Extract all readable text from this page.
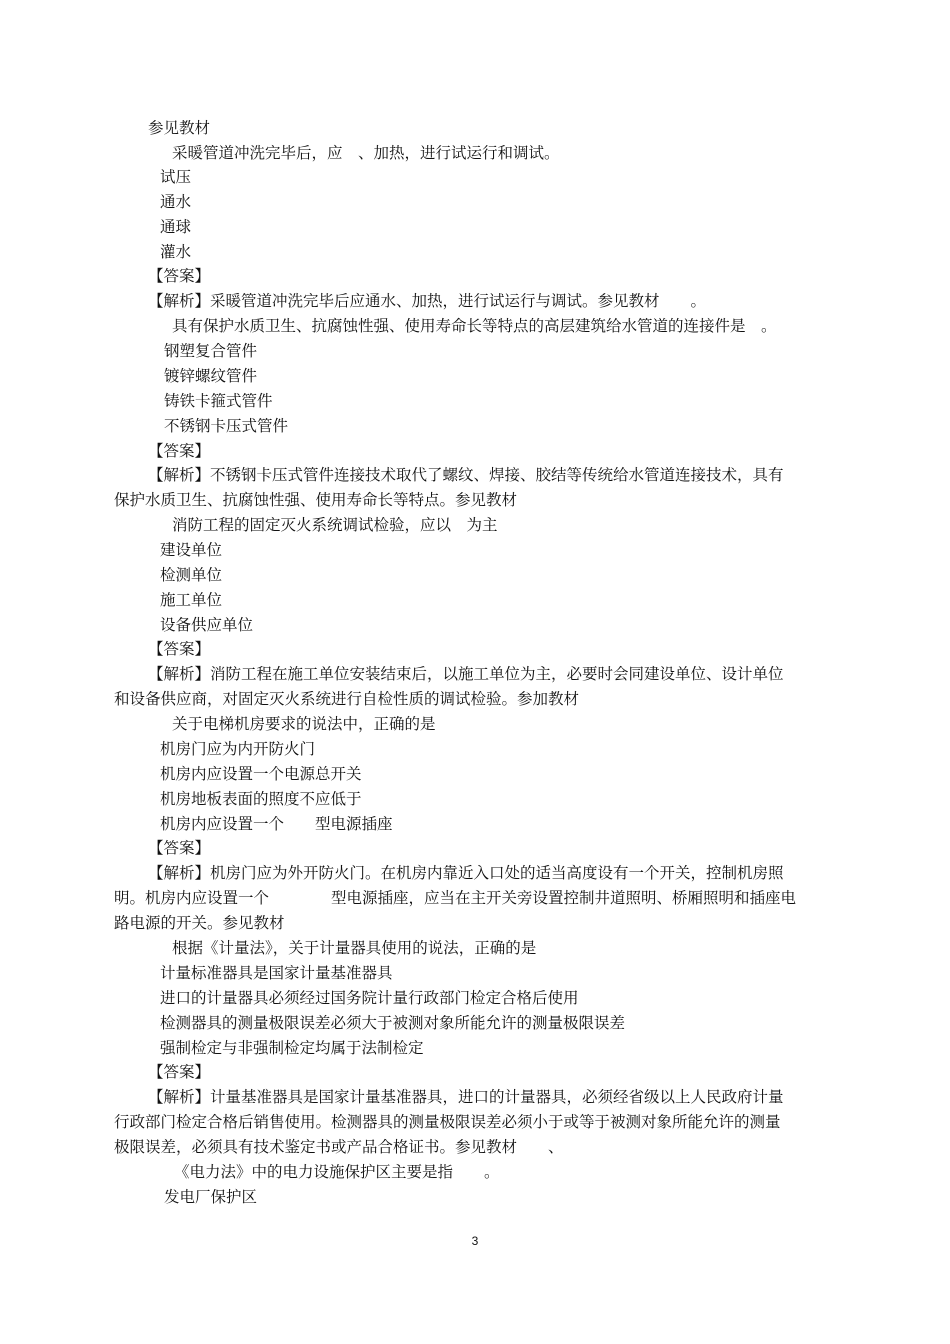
参见教材
采暖管道冲洗完毕后，应　、加热，进行试运行和调试。
试压
通水
通球
灌水
【答案】
【解析】采暖管道冲洗完毕后应通水、加热，进行试运行与调试。参见教材　　。
具有保护水质卫生、抗腐蚀性强、使用寿命长等特点的高层建筑给水管道的连接件是　。
钢塑复合管件
镀锌螺纹管件
铸铁卡箍式管件
不锈钢卡压式管件
【答案】
【解析】不锈钢卡压式管件连接技术取代了螺纹、焊接、胶结等传统给水管道连接技术，具有
保护水质卫生、抗腐蚀性强、使用寿命长等特点。参见教材
消防工程的固定灭火系统调试检验，应以　为主
建设单位
检测单位
施工单位
设备供应单位
【答案】
【解析】消防工程在施工单位安装结束后，以施工单位为主，必要时会同建设单位、设计单位
和设备供应商，对固定灭火系统进行自检性质的调试检验。参加教材
关于电梯机房要求的说法中，正确的是
机房门应为内开防火门
机房内应设置一个电源总开关
机房地板表面的照度不应低于
机房内应设置一个　　型电源插座
【答案】
【解析】机房门应为外开防火门。在机房内靠近入口处的适当高度设有一个开关，控制机房照
明。机房内应设置一个　　　　型电源插座，应当在主开关旁设置控制井道照明、桥厢照明和插座电
路电源的开关。参见教材
根据《计量法》，关于计量器具使用的说法，正确的是
计量标准器具是国家计量基准器具
进口的计量器具必须经过国务院计量行政部门检定合格后使用
检测器具的测量极限误差必须大于被测对象所能允许的测量极限误差
强制检定与非强制检定均属于法制检定
【答案】
【解析】计量基准器具是国家计量基准器具，进口的计量器具，必须经省级以上人民政府计量
行政部门检定合格后销售使用。检测器具的测量极限误差必须小于或等于被测对象所能允许的测量
极限误差，必须具有技术鉴定书或产品合格证书。参见教材　　、
《电力法》中的电力设施保护区主要是指　　。
发电厂保护区
3
